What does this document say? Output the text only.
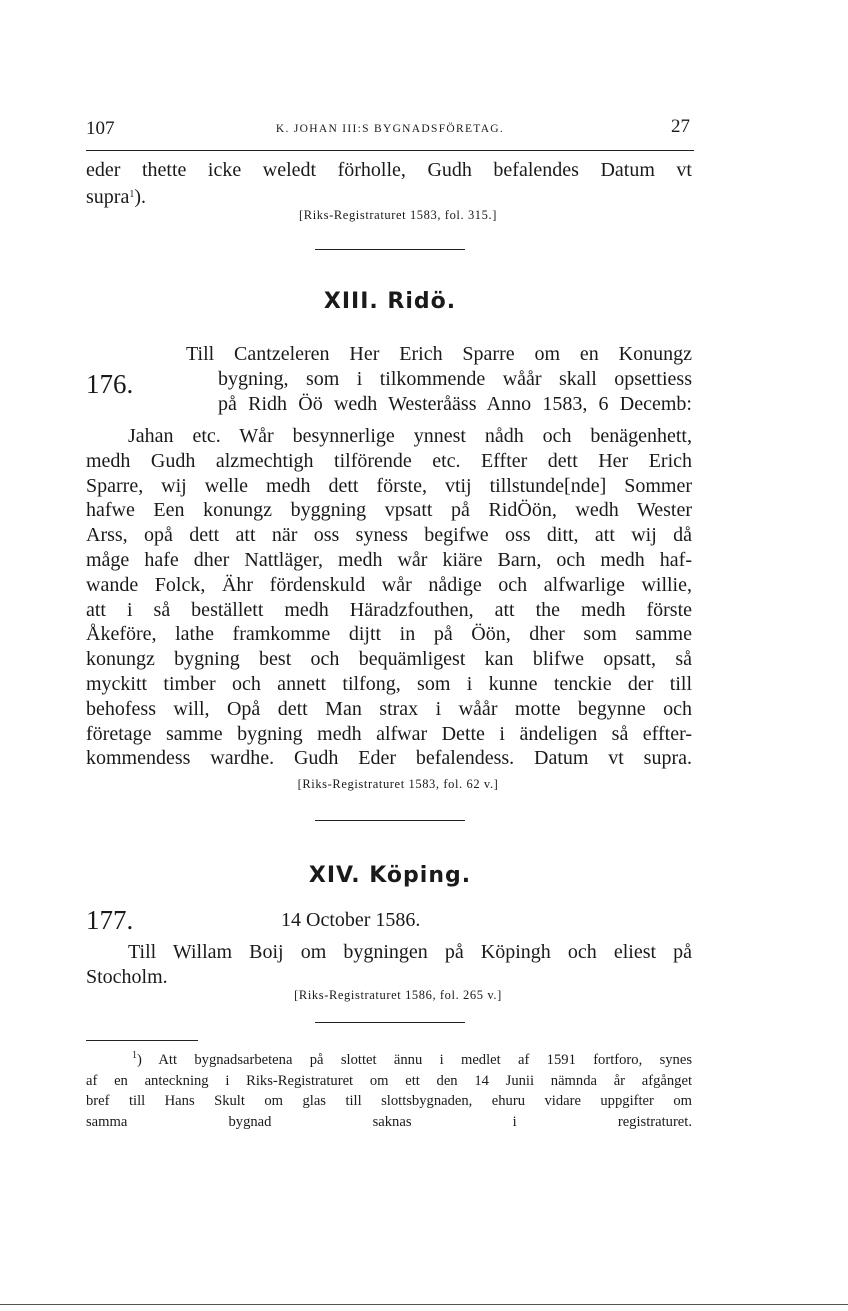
107	K. JOHAN III:S BYGNADSFÖRETAG.	27
eder thette icke weledt förholle, Gudh befalendes Datum vt
supra$^1$).
[Riks-Registraturet 1583, fol. 315.]
XIII. Ridö.
176.
Till Cantzeleren Her Erich Sparre om en Konungz
bygning, som i tilkommende wåår skall opsettiess
på Ridh Öö wedh Westeråäss Anno 1583, 6 Decemb:
Jahan etc. Wår besynnerlige ynnest nådh och benägenhett,
medh Gudh alzmechtigh tilförende etc. Effter dett Her Erich
Sparre, wij welle medh dett förste, vtij tillstunde[nde] Sommer
hafwe Een konungz byggning vpsatt på RidÖön, wedh Wester
Arss, opå dett att när oss syness begifwe oss ditt, att wij då
måge hafe dher Nattläger, medh wår kiäre Barn, och medh haf-
wande Folck, Ähr fördenskuld wår nådige och alfwarlige willie,
att i så beställett medh Häradzfouthen, att the medh förste
Åkeföre, lathe framkomme dijtt in på Öön, dher som samme
konungz bygning best och bequämligest kan blifwe opsatt, så
myckitt timber och annett tilfong, som i kunne tenckie der till
behofess will, Opå dett Man strax i wåår motte begynne och
företage samme bygning medh alfwar Dette i ändeligen så effter-
kommendess wardhe. Gudh Eder befalendess. Datum vt supra.
[Riks-Registraturet 1583, fol. 62 v.]
XIV. Köping.
177.	14 October 1586.
Till Willam Boij om bygningen på Köpingh och eliest på
Stocholm.
[Riks-Registraturet 1586, fol. 265 v.]
$^1$) Att bygnadsarbetena på slottet ännu i medlet af 1591 fortforo, synes
af en anteckning i Riks-Registraturet om ett den 14 Junii nämnda år afgånget
bref till Hans Skult om glas till slottsbygnaden, ehuru vidare uppgifter om
samma bygnad saknas i registraturet.
